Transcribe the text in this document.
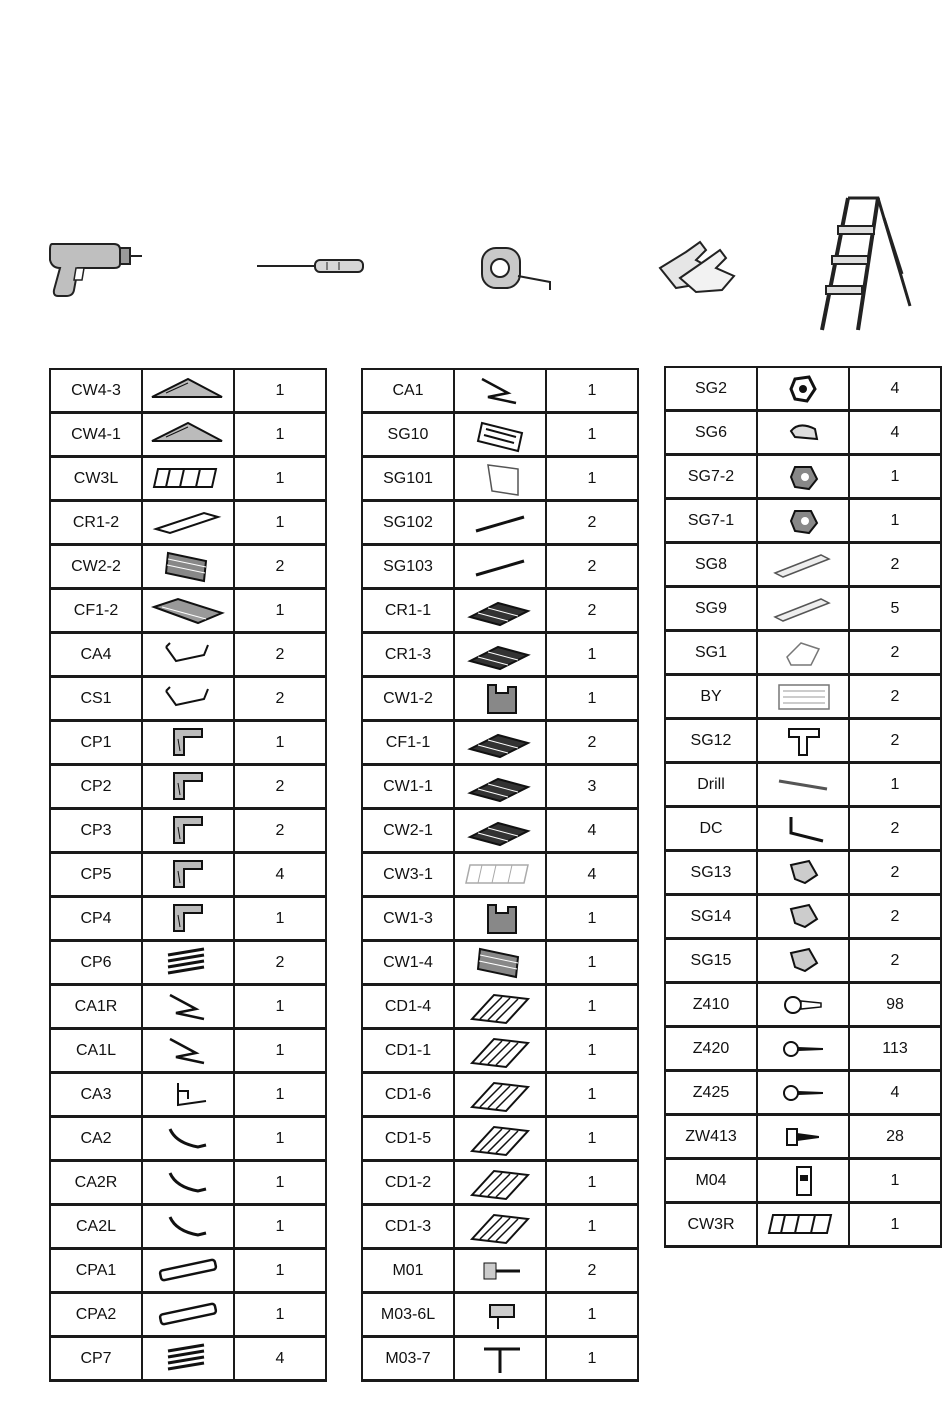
CW4-3		1
CW4-1		1
CW3L		1
CR1-2		1
CW2-2		2
CF1-2		1
CA4		2
CS1		2
CP1		1
CP2		2
CP3		2
CP5		4
CP4		1
CP6		2
CA1R		1
CA1L		1
CA3		1
CA2		1
CA2R		1
CA2L		1
CPA1		1
CPA2		1
CP7		4
CA1		1
SG10		1
SG101		1
SG102		2
SG103		2
CR1-1		2
CR1-3		1
CW1-2		1
CF1-1		2
CW1-1		3
CW2-1		4
CW3-1		4
CW1-3		1
CW1-4		1
CD1-4		1
CD1-1		1
CD1-6		1
CD1-5		1
CD1-2		1
CD1-3		1
M01		2
M03-6L		1
M03-7		1
SG2		4
SG6		4
SG7-2		1
SG7-1		1
SG8		2
SG9		5
SG1		2
BY		2
SG12		2
Drill		1
DC		2
SG13		2
SG14		2
SG15		2
Z410		98
Z420		113
Z425		4
ZW413		28
M04		1
CW3R		1
